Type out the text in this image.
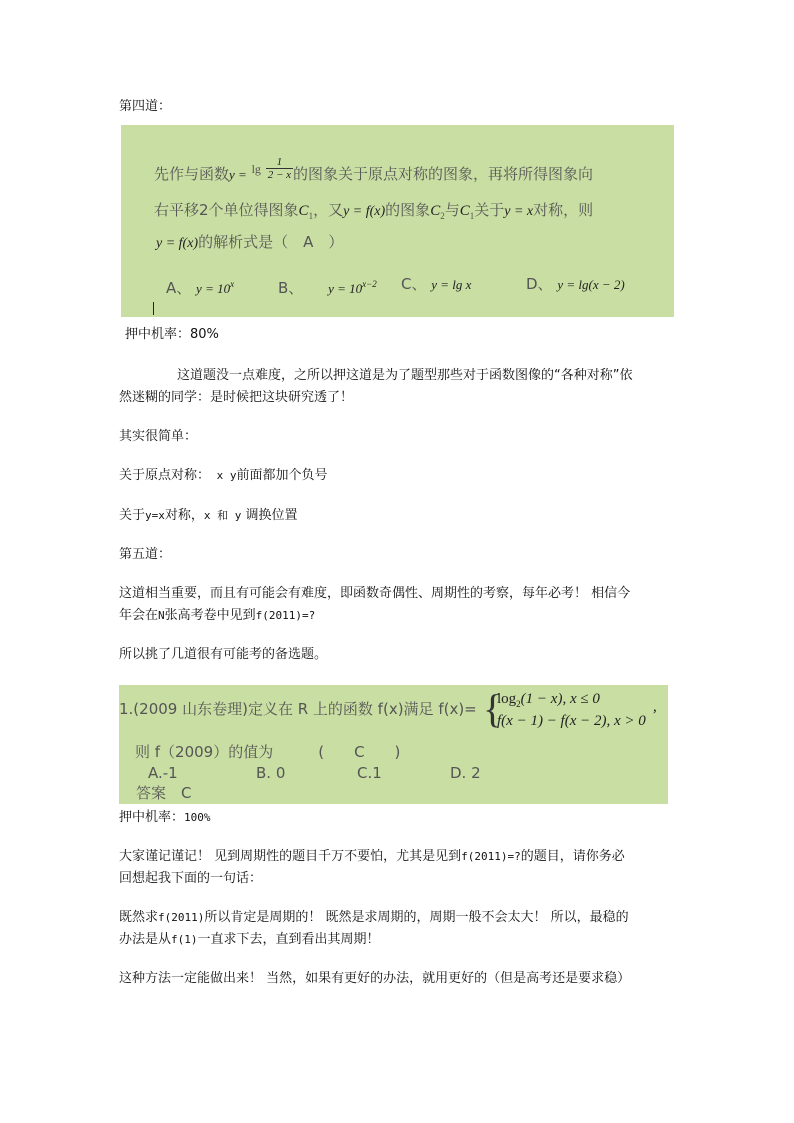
第四道：
先作与函数$y = ^{lg} \frac{1}{2 - x}$ 的图象关于原点对称的图象，再将所得图象向
右平移2个单位得图象$C_1$，又y = f(x)的图象$C_2$与$C_1$关于y = x对称，则
y = f(x)的解析式是（　A　）
A、 $y = 10^x$	B、 $y = 10^{x-2}$ C、 y = lg x	D、 y = lg(x − 2)
押中机率：80%
这道题没一点难度，之所以押这道是为了题型那些对于函数图像的“各种对称”依
然迷糊的同学：是时候把这块研究透了！
其实很简单：
关于原点对称： x y前面都加个负号
关于y=x对称，x 和 y 调换位置
第五道：
这道相当重要，而且有可能会有难度，即函数奇偶性、周期性的考察，每年必考！ 相信今
年会在N张高考卷中见到f(2011)=?
所以挑了几道很有可能考的备选题。
1.(2009 山东卷理)定义在 R 上的函数 f(x)满足 f(x)= {
$\log_2(1 - x)$, x ≤ 0
f(x − 1) − f(x − 2), x > 0
,
则 f（2009）的值为　　　(　　C　　)
A.-1	B. 0	C.1	D. 2
答案　C
押中机率：100%
大家谨记谨记！ 见到周期性的题目千万不要怕，尤其是见到f(2011)=?的题目，请你务必
回想起我下面的一句话：
既然求f(2011)所以肯定是周期的！ 既然是求周期的，周期一般不会太大！ 所以，最稳的
办法是从f(1)一直求下去，直到看出其周期！
这种方法一定能做出来！ 当然，如果有更好的办法，就用更好的（但是高考还是要求稳）
